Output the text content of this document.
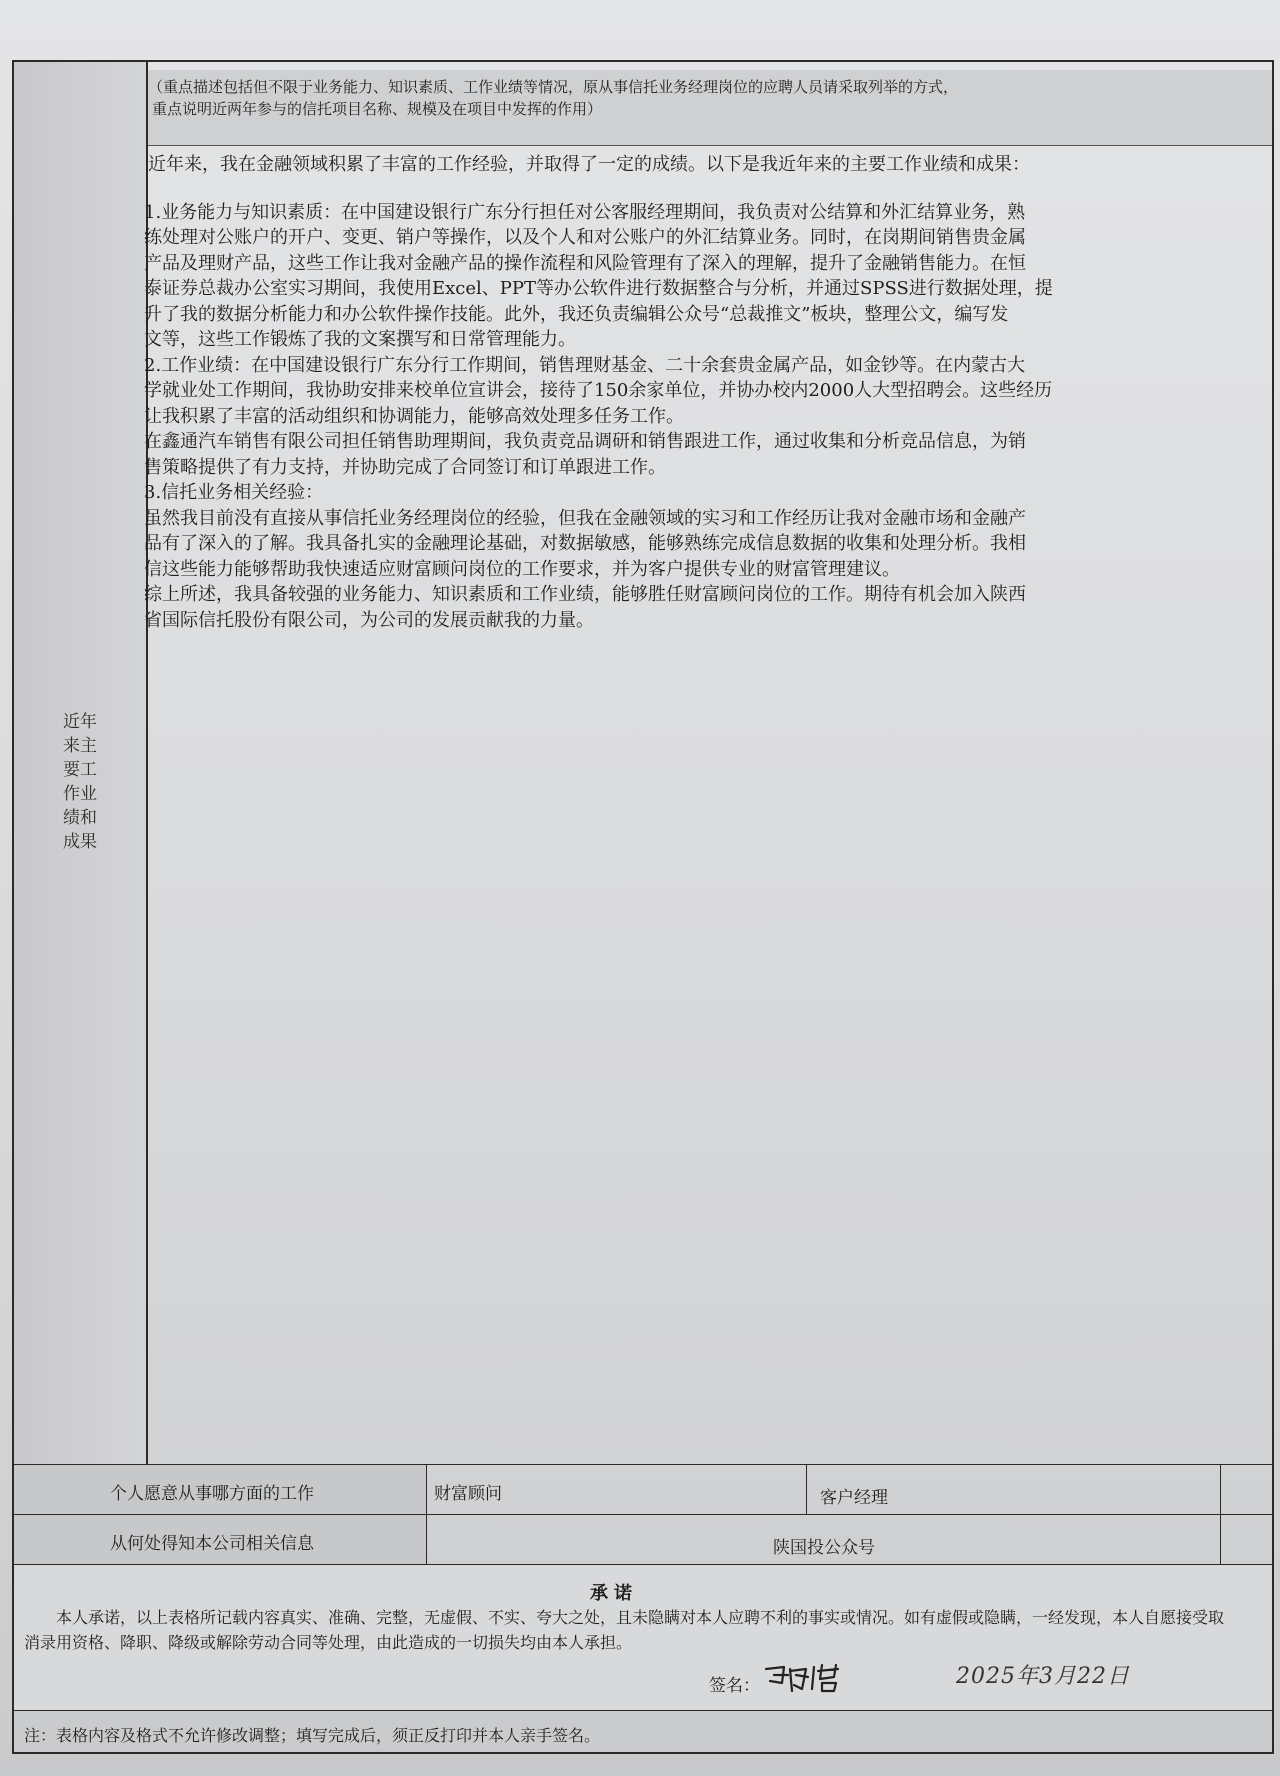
近年
来主
要工
作业
绩和
成果

（重点描述包括但不限于业务能力、知识素质、工作业绩等情况，原从事信托业务经理岗位的应聘人员请采取列举的方式，

重点说明近两年参与的信托项目名称、规模及在项目中发挥的作用）

近年来，我在金融领域积累了丰富的工作经验，并取得了一定的成绩。以下是我近年来的主要工作业绩和成果：

1.业务能力与知识素质：在中国建设银行广东分行担任对公客服经理期间，我负责对公结算和外汇结算业务，熟

练处理对公账户的开户、变更、销户等操作，以及个人和对公账户的外汇结算业务。同时，在岗期间销售贵金属

产品及理财产品，这些工作让我对金融产品的操作流程和风险管理有了深入的理解，提升了金融销售能力。在恒

泰证券总裁办公室实习期间，我使用Excel、PPT等办公软件进行数据整合与分析，并通过SPSS进行数据处理，提

升了我的数据分析能力和办公软件操作技能。此外，我还负责编辑公众号“总裁推文”板块，整理公文，编写发

文等，这些工作锻炼了我的文案撰写和日常管理能力。

2.工作业绩：在中国建设银行广东分行工作期间，销售理财基金、二十余套贵金属产品，如金钞等。在内蒙古大

学就业处工作期间，我协助安排来校单位宣讲会，接待了150余家单位，并协办校内2000人大型招聘会。这些经历

让我积累了丰富的活动组织和协调能力，能够高效处理多任务工作。

在鑫通汽车销售有限公司担任销售助理期间，我负责竞品调研和销售跟进工作，通过收集和分析竞品信息，为销

售策略提供了有力支持，并协助完成了合同签订和订单跟进工作。

3.信托业务相关经验：

虽然我目前没有直接从事信托业务经理岗位的经验，但我在金融领域的实习和工作经历让我对金融市场和金融产

品有了深入的了解。我具备扎实的金融理论基础，对数据敏感，能够熟练完成信息数据的收集和处理分析。我相

信这些能力能够帮助我快速适应财富顾问岗位的工作要求，并为客户提供专业的财富管理建议。

综上所述，我具备较强的业务能力、知识素质和工作业绩，能够胜任财富顾问岗位的工作。期待有机会加入陕西

省国际信托股份有限公司，为公司的发展贡献我的力量。

个人愿意从事哪方面的工作	财富顾问	客户经理
从何处得知本公司相关信息	陕国投公众号
承诺
本人承诺，以上表格所记载内容真实、准确、完整，无虚假、不实、夸大之处，且未隐瞒对本人应聘不利的事实或情况。如有虚假或隐瞒，一经发现，本人自愿接受取消录用资格、降职、降级或解除劳动合同等处理，由此造成的一切损失均由本人承担。
签名：	2025年3月22日
注：表格内容及格式不允许修改调整；填写完成后，须正反打印并本人亲手签名。
